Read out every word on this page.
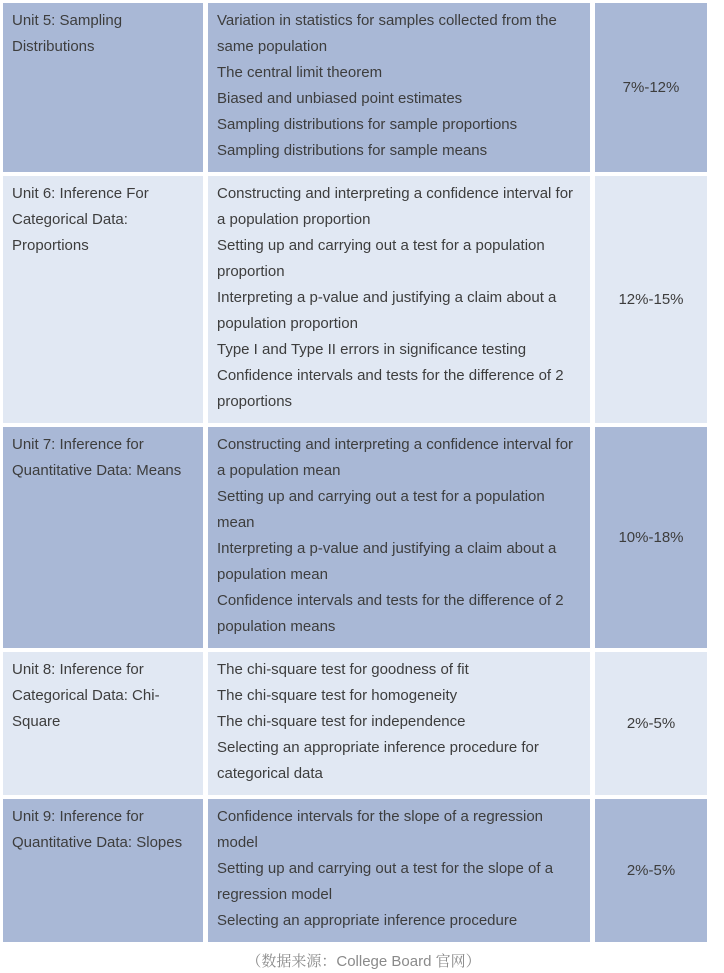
Unit 5: Sampling Distributions
Variation in statistics for samples collected from the same population
The central limit theorem
Biased and unbiased point estimates
Sampling distributions for sample proportions
Sampling distributions for sample means
7%-12%
Unit 6: Inference For Categorical Data: Proportions
Constructing and interpreting a confidence interval for a population proportion
Setting up and carrying out a test for a population proportion
Interpreting a p-value and justifying a claim about a population proportion
Type I and Type II errors in significance testing
Confidence intervals and tests for the difference of 2 proportions
12%-15%
Unit 7: Inference for Quantitative Data: Means
Constructing and interpreting a confidence interval for a population mean
Setting up and carrying out a test for a population mean
Interpreting a p-value and justifying a claim about a population mean
Confidence intervals and tests for the difference of 2 population means
10%-18%
Unit 8: Inference for Categorical Data: Chi-Square
The chi-square test for goodness of fit
The chi-square test for homogeneity
The chi-square test for independence
Selecting an appropriate inference procedure for categorical data
2%-5%
Unit 9: Inference for Quantitative Data: Slopes
Confidence intervals for the slope of a regression model
Setting up and carrying out a test for the slope of a regression model
Selecting an appropriate inference procedure
2%-5%
（数据来源：College Board 官网）
